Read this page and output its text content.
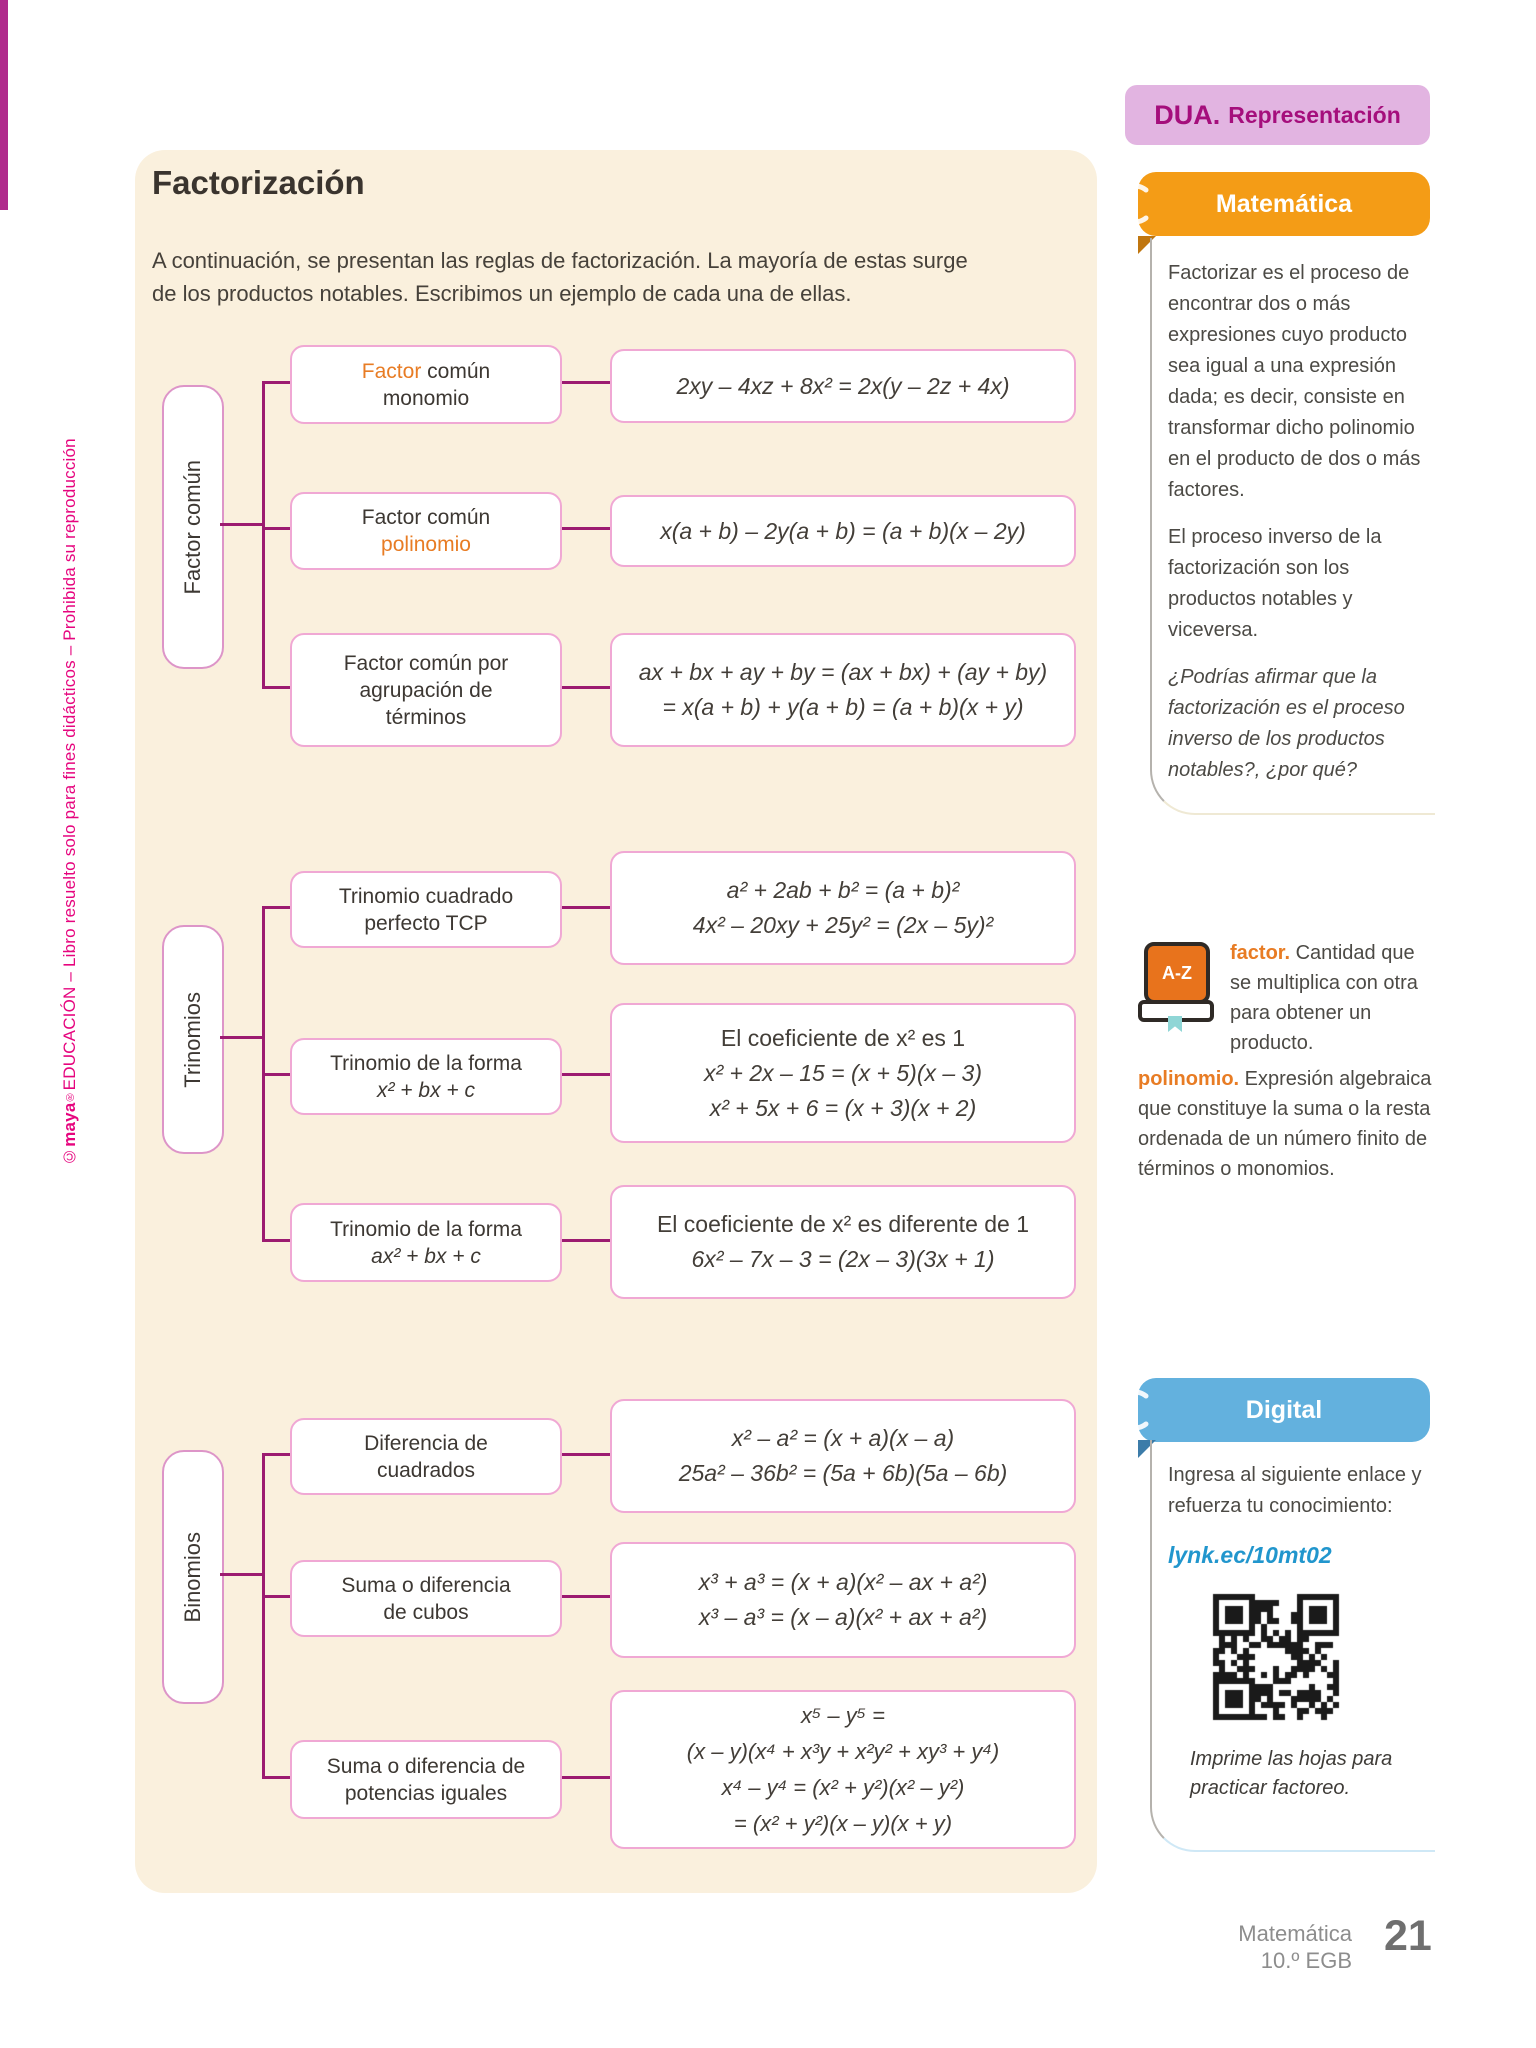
©maya®EDUCACIÓN – Libro resuelto solo para fines didácticos – Prohibida su reproducción
DUA. Representación
Factorización
A continuación, se presentan las reglas de factorización. La mayoría de estas surge
de los productos notables. Escribimos un ejemplo de cada una de ellas.
Factor común
Trinomios
Binomios
Factor común
monomio
Factor común
polinomio
Factor común por
agrupación de
términos
Trinomio cuadrado
perfecto TCP
Trinomio de la forma
x² + bx + c
Trinomio de la forma
ax² + bx + c
Diferencia de
cuadrados
Suma o diferencia
de cubos
Suma o diferencia de
potencias iguales
2xy – 4xz + 8x² = 2x(y – 2z + 4x)
x(a + b) – 2y(a + b) = (a + b)(x – 2y)
ax + bx + ay + by = (ax + bx) + (ay + by)
= x(a + b) + y(a + b) = (a + b)(x + y)
a² + 2ab + b² = (a + b)²
4x² – 20xy + 25y² = (2x – 5y)²
El coeficiente de x² es 1
x² + 2x – 15 = (x + 5)(x – 3)
x² + 5x + 6 = (x + 3)(x + 2)
El coeficiente de x² es diferente de 1
6x² – 7x – 3 = (2x – 3)(3x + 1)
x² – a² = (x + a)(x – a)
25a² – 36b² = (5a + 6b)(5a – 6b)
x³ + a³ = (x + a)(x² – ax + a²)
x³ – a³ = (x – a)(x² + ax + a²)
x⁵ – y⁵ =
(x – y)(x⁴ + x³y + x²y² + xy³ + y⁴)
x⁴ – y⁴ = (x² + y²)(x² – y²)
= (x² + y²)(x – y)(x + y)
Matemática

Factorizar es el proceso de encontrar dos o más expresiones cuyo producto sea igual a una expresión dada; es decir, consiste en transformar dicho polinomio en el producto de dos o más factores.

El proceso inverso de la factorización son los productos notables y viceversa.

¿Podrías afirmar que la factorización es el proceso inverso de los productos notables?, ¿por qué?

A-Z

factor. Cantidad que se multiplica con otra para obtener un producto.

polinomio. Expresión algebraica que constituye la suma o la resta ordenada de un número finito de términos o monomios.

Digital

Ingresa al siguiente enlace y refuerza tu conocimiento:

lynk.ec/10mt02

Imprime las hojas para practicar factoreo.

Matemática
10.º EGB
21
